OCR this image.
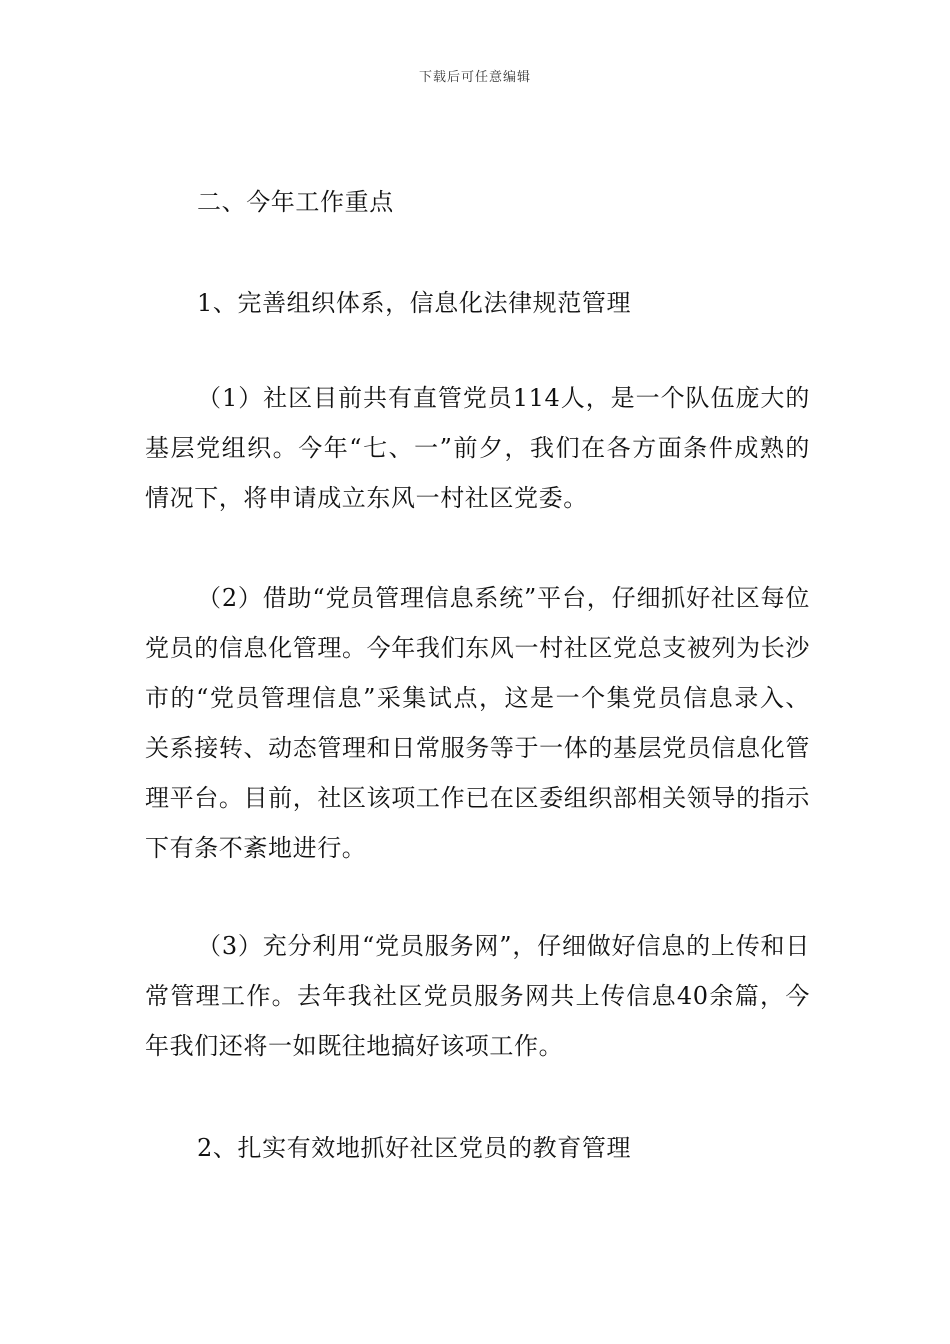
下载后可任意编辑
二、今年工作重点
1、完善组织体系，信息化法律规范管理
（1）社区目前共有直管党员114人，是一个队伍庞大的基层党组织。今年“七、一”前夕，我们在各方面条件成熟的情况下，将申请成立东风一村社区党委。
（2）借助“党员管理信息系统”平台，仔细抓好社区每位党员的信息化管理。今年我们东风一村社区党总支被列为长沙市的“党员管理信息”采集试点，这是一个集党员信息录入、关系接转、动态管理和日常服务等于一体的基层党员信息化管理平台。目前，社区该项工作已在区委组织部相关领导的指示下有条不紊地进行。
（3）充分利用“党员服务网”，仔细做好信息的上传和日常管理工作。去年我社区党员服务网共上传信息40余篇，今年我们还将一如既往地搞好该项工作。
2、扎实有效地抓好社区党员的教育管理
